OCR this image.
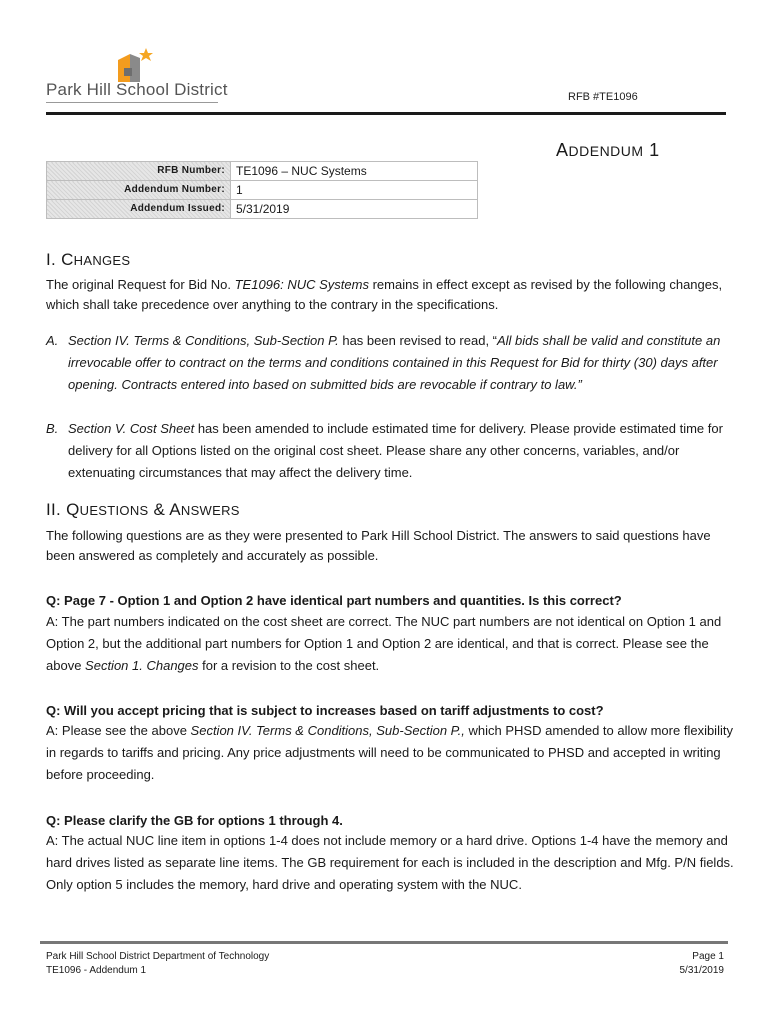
Park Hill School District	RFB #TE1096
ADDENDUM 1
RFB Number:	TE1096 – NUC Systems
Addendum Number:	1
Addendum Issued:	5/31/2019
I. CHANGES
The original Request for Bid No. TE1096: NUC Systems remains in effect except as revised by the following changes, which shall take precedence over anything to the contrary in the specifications.
A. Section IV. Terms & Conditions, Sub-Section P. has been revised to read, “All bids shall be valid and constitute an irrevocable offer to contract on the terms and conditions contained in this Request for Bid for thirty (30) days after opening. Contracts entered into based on submitted bids are revocable if contrary to law.”
B. Section V. Cost Sheet has been amended to include estimated time for delivery. Please provide estimated time for delivery for all Options listed on the original cost sheet. Please share any other concerns, variables, and/or extenuating circumstances that may affect the delivery time.
II. QUESTIONS & ANSWERS
The following questions are as they were presented to Park Hill School District. The answers to said questions have been answered as completely and accurately as possible.
Q: Page 7 - Option 1 and Option 2 have identical part numbers and quantities. Is this correct?
A: The part numbers indicated on the cost sheet are correct. The NUC part numbers are not identical on Option 1 and Option 2, but the additional part numbers for Option 1 and Option 2 are identical, and that is correct. Please see the above Section 1. Changes for a revision to the cost sheet.
Q: Will you accept pricing that is subject to increases based on tariff adjustments to cost?
A: Please see the above Section IV. Terms & Conditions, Sub-Section P., which PHSD amended to allow more flexibility in regards to tariffs and pricing. Any price adjustments will need to be communicated to PHSD and accepted in writing before proceeding.
Q: Please clarify the GB for options 1 through 4.
A: The actual NUC line item in options 1-4 does not include memory or a hard drive. Options 1-4 have the memory and hard drives listed as separate line items. The GB requirement for each is included in the description and Mfg. P/N fields. Only option 5 includes the memory, hard drive and operating system with the NUC.
Park Hill School District Department of Technology
TE1096 - Addendum 1
Page 1
5/31/2019
